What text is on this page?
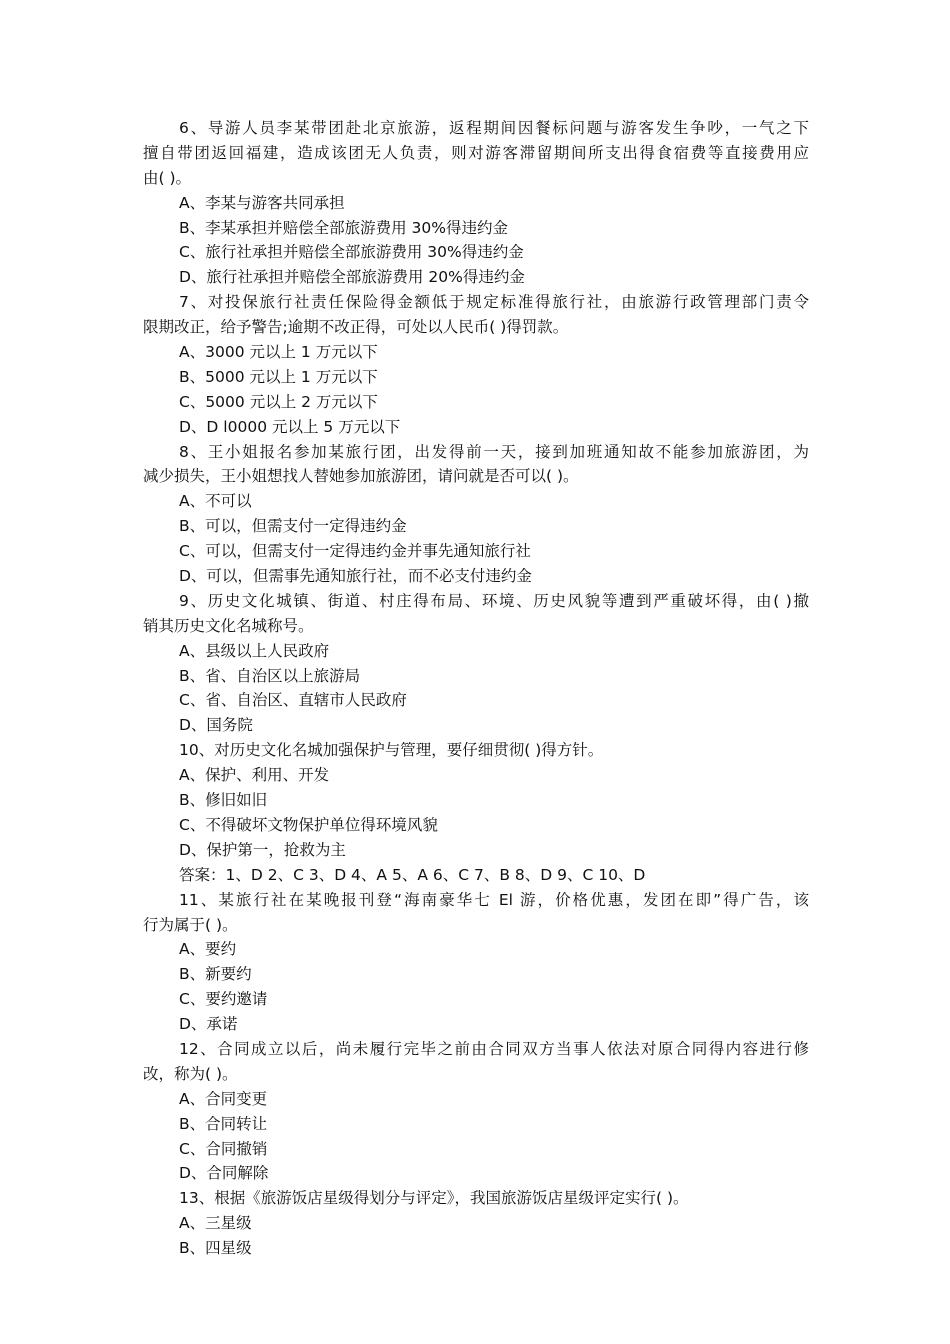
6、导游人员李某带团赴北京旅游，返程期间因餐标问题与游客发生争吵，一气之下
擅自带团返回福建，造成该团无人负责，则对游客滞留期间所支出得食宿费等直接费用应
由( )。
A、李某与游客共同承担
B、李某承担并赔偿全部旅游费用 30%得违约金
C、旅行社承担并赔偿全部旅游费用 30%得违约金
D、旅行社承担并赔偿全部旅游费用 20%得违约金
7、对投保旅行社责任保险得金额低于规定标准得旅行社，由旅游行政管理部门责令
限期改正，给予警告;逾期不改正得，可处以人民币( )得罚款。
A、3000 元以上 1 万元以下
B、5000 元以上 1 万元以下
C、5000 元以上 2 万元以下
D、D l0000 元以上 5 万元以下
8、王小姐报名参加某旅行团，出发得前一天，接到加班通知故不能参加旅游团，为
减少损失，王小姐想找人替她参加旅游团，请问就是否可以( )。
A、不可以
B、可以，但需支付一定得违约金
C、可以，但需支付一定得违约金并事先通知旅行社
D、可以，但需事先通知旅行社，而不必支付违约金
9、历史文化城镇、街道、村庄得布局、环境、历史风貌等遭到严重破坏得，由( )撤
销其历史文化名城称号。
A、县级以上人民政府
B、省、自治区以上旅游局
C、省、自治区、直辖市人民政府
D、国务院
10、对历史文化名城加强保护与管理，要仔细贯彻( )得方针。
A、保护、利用、开发
B、修旧如旧
C、不得破坏文物保护单位得环境风貌
D、保护第一，抢救为主
答案：1、D 2、C 3、D 4、A 5、A 6、C 7、B 8、D 9、C 10、D
11、某旅行社在某晚报刊登“海南豪华七 El 游，价格优惠，发团在即”得广告，该
行为属于( )。
A、要约
B、新要约
C、要约邀请
D、承诺
12、合同成立以后，尚未履行完毕之前由合同双方当事人依法对原合同得内容进行修
改，称为( )。
A、合同变更
B、合同转让
C、合同撤销
D、合同解除
13、根据《旅游饭店星级得划分与评定》，我国旅游饭店星级评定实行( )。
A、三星级
B、四星级
